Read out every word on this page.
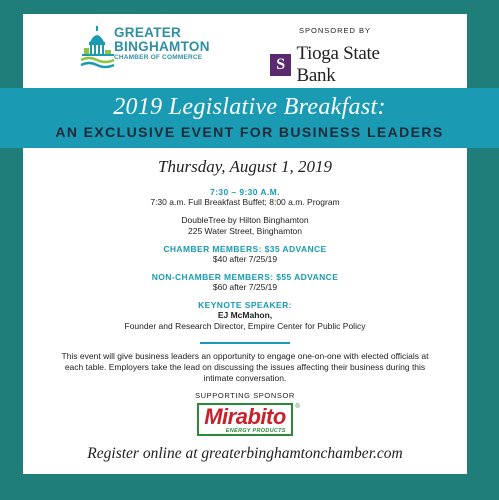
GREATER
BINGHAMTON
CHAMBER OF COMMERCE
SPONSORED BY
S
Tioga State Bank
2019 Legislative Breakfast:
AN EXCLUSIVE EVENT FOR BUSINESS LEADERS
Thursday, August 1, 2019
7:30 – 9:30 A.M.
7:30 a.m. Full Breakfast Buffet; 8:00 a.m. Program
DoubleTree by Hilton Binghamton
225 Water Street, Binghamton
CHAMBER MEMBERS: $35 ADVANCE
$40 after 7/25/19
NON-CHAMBER MEMBERS: $55 ADVANCE
$60 after 7/25/19
KEYNOTE SPEAKER:
EJ McMahon,
Founder and Research Director, Empire Center for Public Policy
This event will give business leaders an opportunity to engage one-on-one with elected officials at each table. Employers take the lead on discussing the issues affecting their business during this intimate conversation.
SUPPORTING SPONSOR
Mirabito
ENERGY PRODUCTS
®
Register online at greaterbinghamtonchamber.com
